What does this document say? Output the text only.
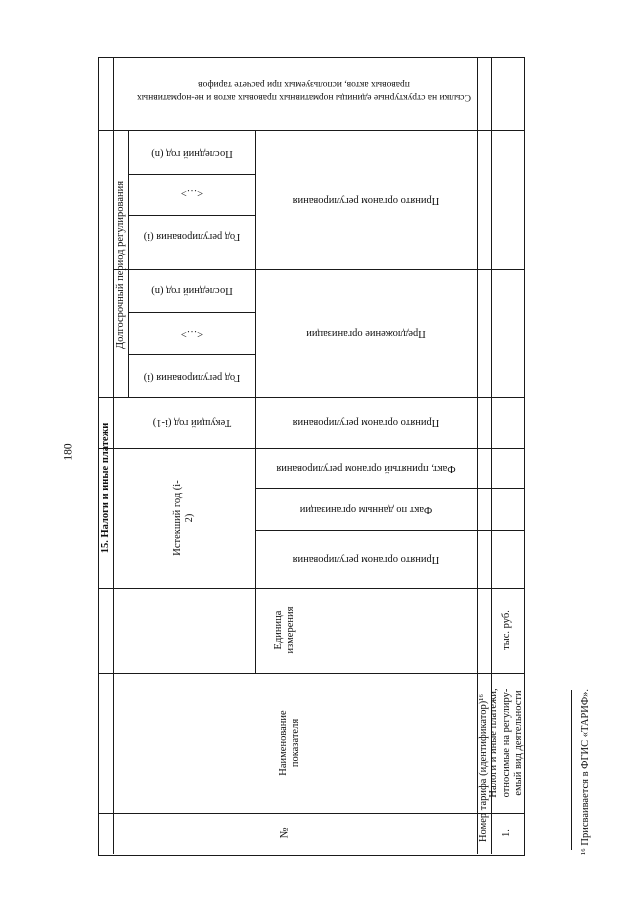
180 15. Налоги и иные платежи
Долгосрочный период регулирования Год регулирования (i)
<…>
Последний год (n)
Принято органом регулирования
Год регулирования (i)
<…>
Последний год (n)
Предложение организации
Текущий год (i-1)	Принято органом регулирования
Истекший год (i-2)
Факт, принятый органом регулирования
Факт по данным организации
Принято органом регулирования
Единица измерения
Наименование показателя
№
Ссылки на структурные единицы нормативных правовых актов и не-нормативных правовых актов, используемых при расчете тарифов
Номер тарифа (идентификатор)¹⁶ 1.
Налоги и иные платежи, относимые на регулиру-емый вид деятельности
тыс. руб.
¹⁶ Присваивается в ФГИС «ТАРИФ».
